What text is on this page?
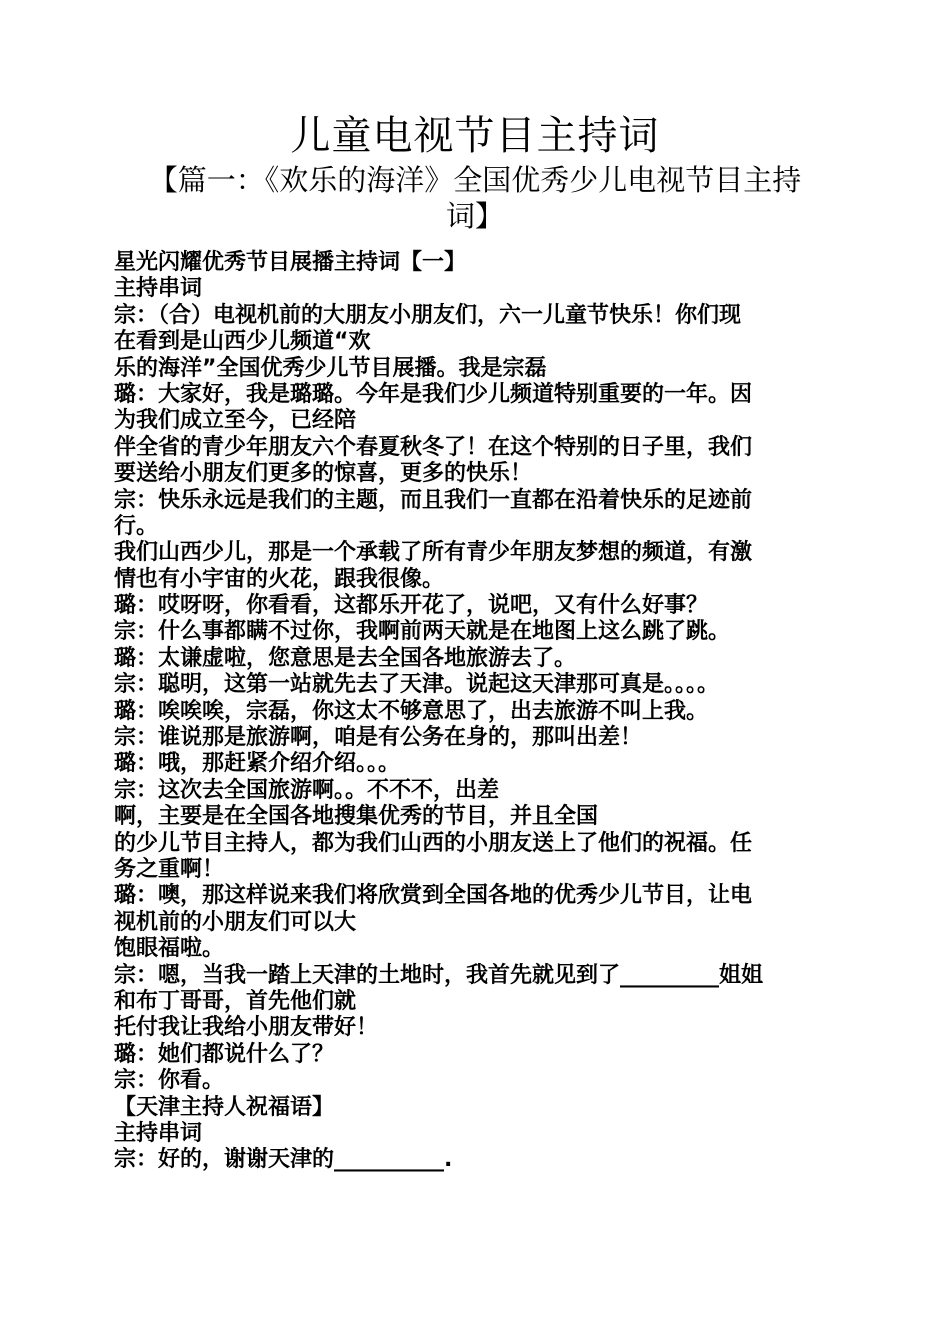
儿童电视节目主持词
【篇一：《欢乐的海洋》全国优秀少儿电视节目主持词】
星光闪耀优秀节目展播主持词【一】
主持串词
宗：（合）电视机前的大朋友小朋友们，六一儿童节快乐！你们现
在看到是山西少儿频道“欢
乐的海洋”全国优秀少儿节目展播。我是宗磊
璐：大家好，我是璐璐。今年是我们少儿频道特别重要的一年。因
为我们成立至今，已经陪
伴全省的青少年朋友六个春夏秋冬了！在这个特别的日子里，我们
要送给小朋友们更多的惊喜，更多的快乐！
宗：快乐永远是我们的主题，而且我们一直都在沿着快乐的足迹前
行。
我们山西少儿，那是一个承载了所有青少年朋友梦想的频道，有激
情也有小宇宙的火花，跟我很像。
璐：哎呀呀，你看看，这都乐开花了，说吧，又有什么好事？
宗：什么事都瞒不过你，我啊前两天就是在地图上这么跳了跳。
璐：太谦虚啦，您意思是去全国各地旅游去了。
宗：聪明，这第一站就先去了天津。说起这天津那可真是。。。。
璐：唉唉唉，宗磊，你这太不够意思了，出去旅游不叫上我。
宗：谁说那是旅游啊，咱是有公务在身的，那叫出差！
璐：哦，那赶紧介绍介绍。。。
宗：这次去全国旅游啊。。不不不，出差
啊，主要是在全国各地搜集优秀的节目，并且全国
的少儿节目主持人，都为我们山西的小朋友送上了他们的祝福。任
务之重啊！
璐：噢，那这样说来我们将欣赏到全国各地的优秀少儿节目，让电
视机前的小朋友们可以大
饱眼福啦。
宗：嗯，当我一踏上天津的土地时，我首先就见到了_________姐姐
和布丁哥哥，首先他们就
托付我让我给小朋友带好！
璐：她们都说什么了？
宗：你看。
【天津主持人祝福语】
主持串词
宗：好的，谢谢天津的__________.
